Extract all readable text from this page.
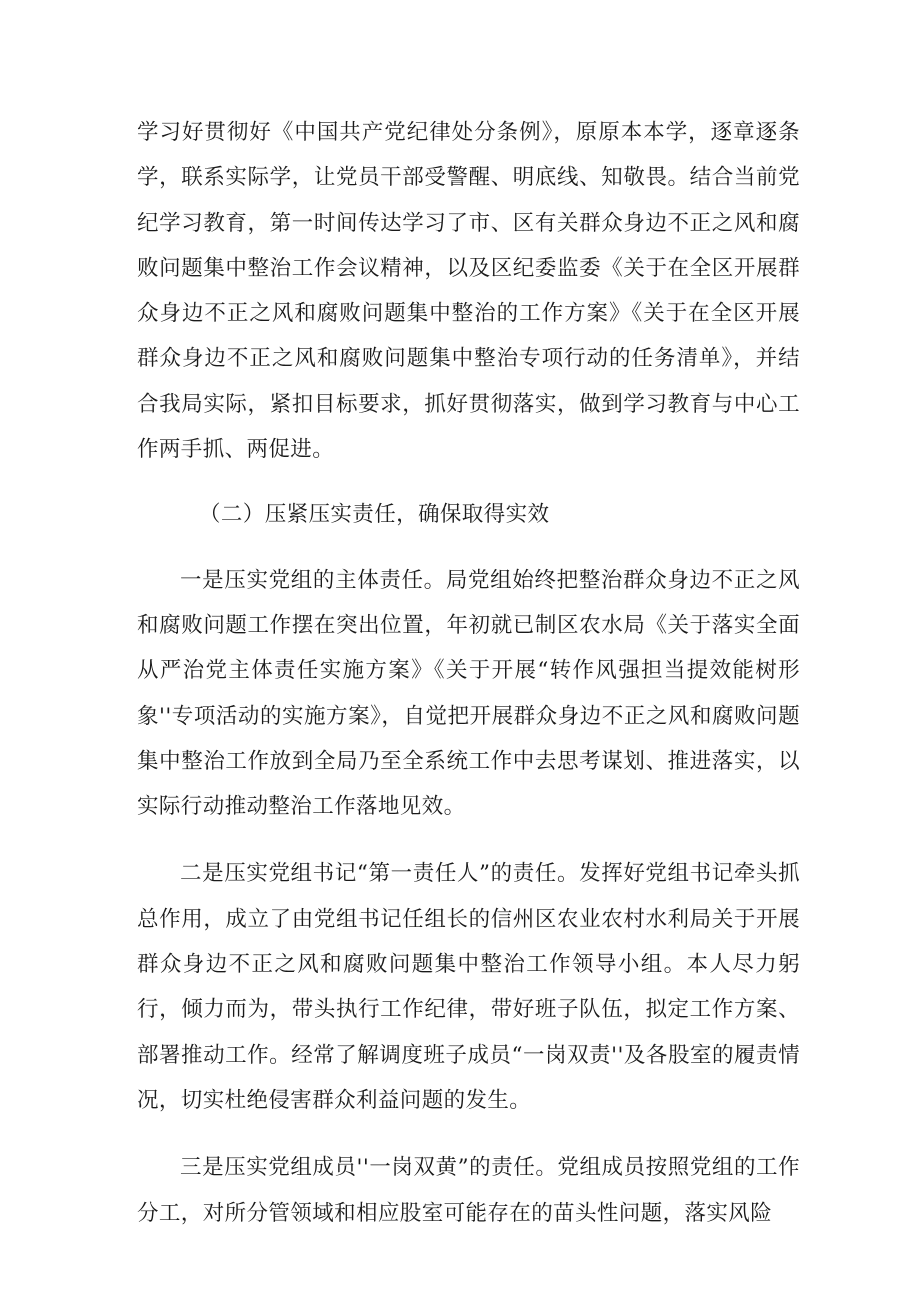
学习好贯彻好《中国共产党纪律处分条例》，原原本本学，逐章逐条学，联系实际学，让党员干部受警醒、明底线、知敬畏。结合当前党纪学习教育，第一时间传达学习了市、区有关群众身边不正之风和腐败问题集中整治工作会议精神，以及区纪委监委《关于在全区开展群众身边不正之风和腐败问题集中整治的工作方案》《关于在全区开展群众身边不正之风和腐败问题集中整治专项行动的任务清单》，并结合我局实际，紧扣目标要求，抓好贯彻落实，做到学习教育与中心工作两手抓、两促进。

（二）压紧压实责任，确保取得实效

一是压实党组的主体责任。局党组始终把整治群众身边不正之风和腐败问题工作摆在突出位置，年初就已制区农水局《关于落实全面从严治党主体责任实施方案》《关于开展“转作风强担当提效能树形象''专项活动的实施方案》，自觉把开展群众身边不正之风和腐败问题集中整治工作放到全局乃至全系统工作中去思考谋划、推进落实，以实际行动推动整治工作落地见效。

二是压实党组书记“第一责任人”的责任。发挥好党组书记牵头抓总作用，成立了由党组书记任组长的信州区农业农村水利局关于开展群众身边不正之风和腐败问题集中整治工作领导小组。本人尽力躬行，倾力而为，带头执行工作纪律，带好班子队伍，拟定工作方案、部署推动工作。经常了解调度班子成员“一岗双责''及各股室的履责情况，切实杜绝侵害群众利益问题的发生。

三是压实党组成员''一岗双黄”的责任。党组成员按照党组的工作分工，对所分管领域和相应股室可能存在的苗头性问题，落实风险
